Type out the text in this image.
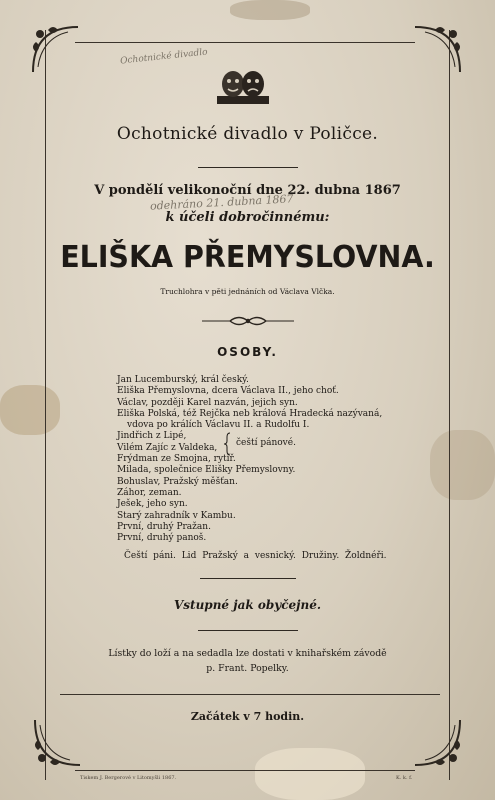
Ochotnické divadlo
Ochotnické divadlo v Poličce.
V pondělí velikonoční dne 22. dubna 1867
odehráno 21. dubna 1867
k účeli dobročinnému:
ELIŠKA PŘEMYSLOVNA.
Truchlohra v pěti jednáních od Václava Vlčka.
OSOBY.
Jan Lucemburský, král český.
Eliška Přemyslovna, dcera Václava II., jeho choť.
Václav, později Karel nazván, jejich syn.
Eliška Polská, též Rejčka neb králová Hradecká nazývaná,
vdova po králích Václavu II. a Rudolfu I.
Jindřich z Lipé,
Vilém Zajíc z Valdeka,
Frýdman ze Smojna, rytíř.
Milada, společnice Elišky Přemyslovny.
Bohuslav, Pražský měšťan.
Záhor, zeman.
Ješek, jeho syn.
Starý zahradník v Kambu.
První, druhý Pražan.
První, druhý panoš.
čeští pánové.
Čeští páni. Lid Pražský a vesnický. Družiny. Žoldnéři.
Vstupné jak obyčejné.
Lístky do loží a na sedadla lze dostati v knihařském závodě
p. Frant. Popelky.
Začátek v 7 hodin.
Tiskem J. Bergerové v Litomyšli 1867.	K. k. f.
